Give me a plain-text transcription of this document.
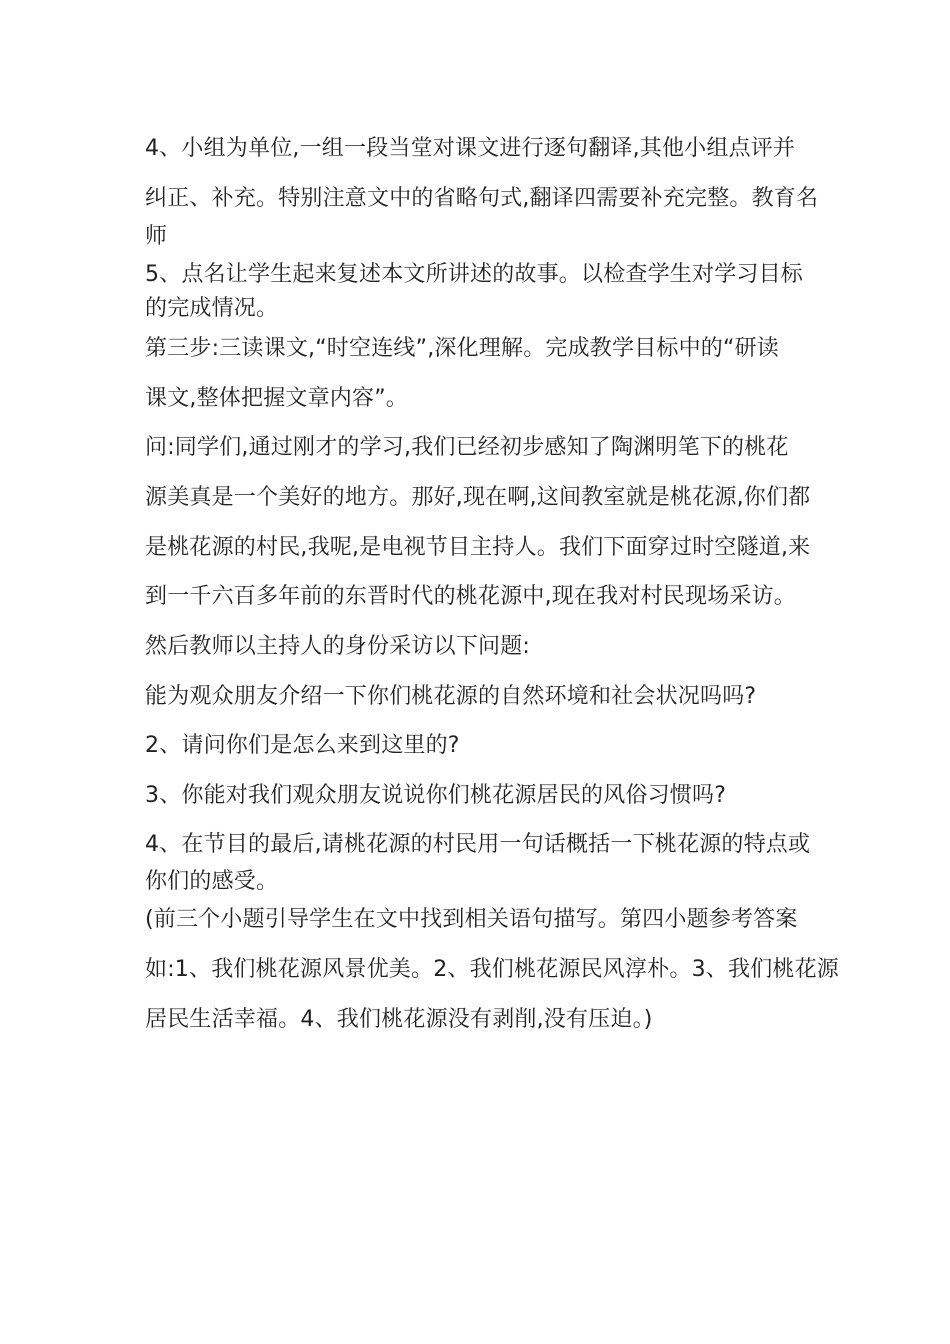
4、小组为单位,一组一段当堂对课文进行逐句翻译,其他小组点评并
纠正、补充。特别注意文中的省略句式,翻译四需要补充完整。教育名
师
5、点名让学生起来复述本文所讲述的故事。以检查学生对学习目标
的完成情况。
第三步:三读课文,“时空连线”,深化理解。完成教学目标中的“研读
课文,整体把握文章内容”。
问:同学们,通过刚才的学习,我们已经初步感知了陶渊明笔下的桃花
源美真是一个美好的地方。那好,现在啊,这间教室就是桃花源,你们都
是桃花源的村民,我呢,是电视节目主持人。我们下面穿过时空隧道,来
到一千六百多年前的东晋时代的桃花源中,现在我对村民现场采访。
然后教师以主持人的身份采访以下问题:
能为观众朋友介绍一下你们桃花源的自然环境和社会状况吗吗?
2、请问你们是怎么来到这里的?
3、你能对我们观众朋友说说你们桃花源居民的风俗习惯吗?
4、在节目的最后,请桃花源的村民用一句话概括一下桃花源的特点或
你们的感受。
(前三个小题引导学生在文中找到相关语句描写。第四小题参考答案
如:1、我们桃花源风景优美。2、我们桃花源民风淳朴。3、我们桃花源
居民生活幸福。4、我们桃花源没有剥削,没有压迫。)
